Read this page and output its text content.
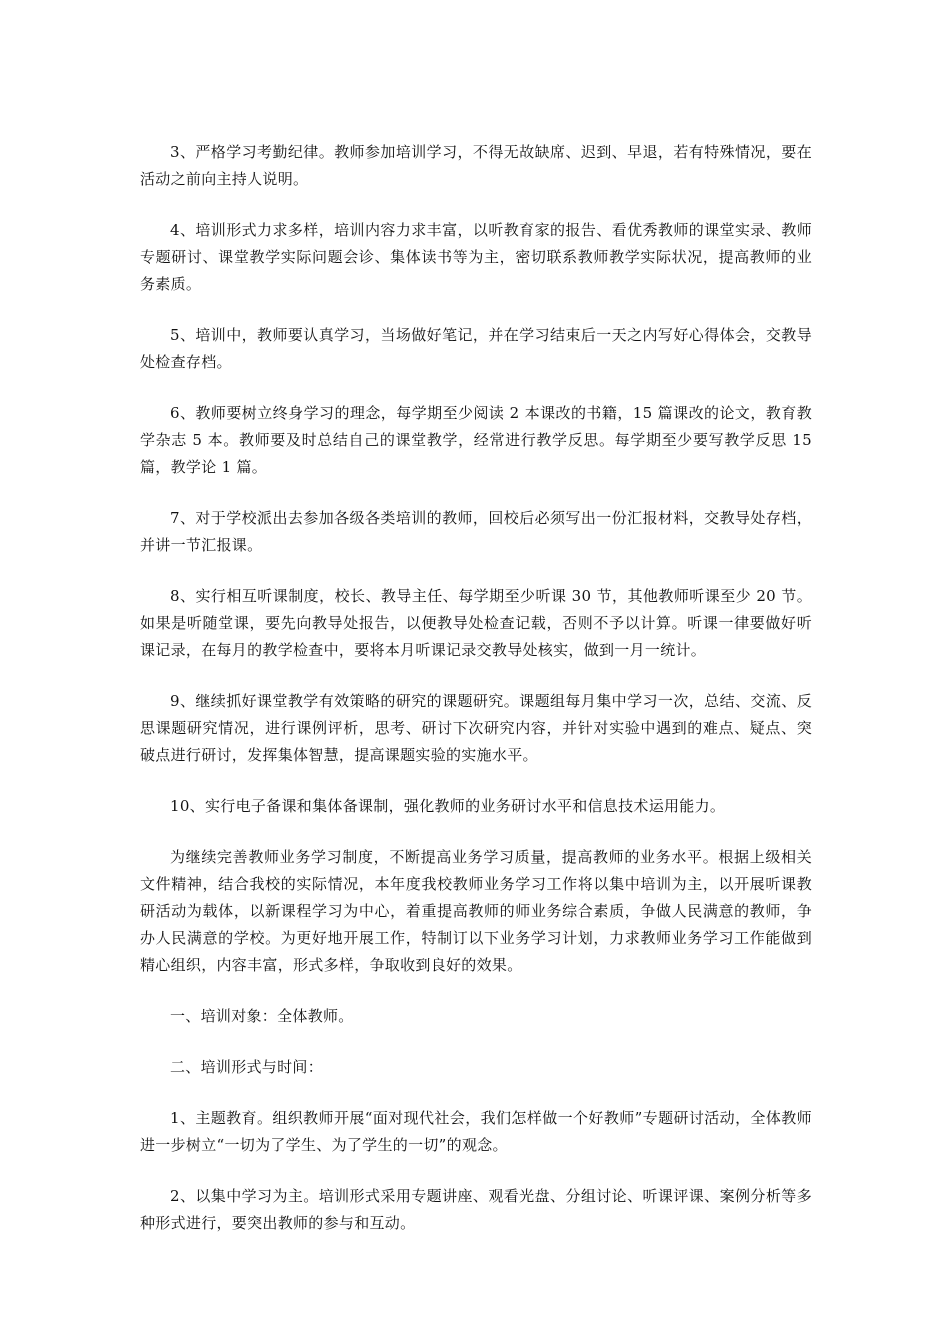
3、严格学习考勤纪律。教师参加培训学习，不得无故缺席、迟到、早退，若有特殊情况，要在活动之前向主持人说明。

4、培训形式力求多样，培训内容力求丰富，以听教育家的报告、看优秀教师的课堂实录、教师专题研讨、课堂教学实际问题会诊、集体读书等为主，密切联系教师教学实际状况，提高教师的业务素质。

5、培训中，教师要认真学习，当场做好笔记，并在学习结束后一天之内写好心得体会，交教导处检查存档。

6、教师要树立终身学习的理念，每学期至少阅读 2 本课改的书籍，15 篇课改的论文，教育教学杂志 5 本。教师要及时总结自己的课堂教学，经常进行教学反思。每学期至少要写教学反思 15 篇，教学论 1 篇。

7、对于学校派出去参加各级各类培训的教师，回校后必须写出一份汇报材料，交教导处存档，并讲一节汇报课。

8、实行相互听课制度，校长、教导主任、每学期至少听课 30 节，其他教师听课至少 20 节。如果是听随堂课，要先向教导处报告，以便教导处检查记载，否则不予以计算。听课一律要做好听课记录，在每月的教学检查中，要将本月听课记录交教导处核实，做到一月一统计。

9、继续抓好课堂教学有效策略的研究的课题研究。课题组每月集中学习一次，总结、交流、反思课题研究情况，进行课例评析，思考、研讨下次研究内容，并针对实验中遇到的难点、疑点、突破点进行研讨，发挥集体智慧，提高课题实验的实施水平。

10、实行电子备课和集体备课制，强化教师的业务研讨水平和信息技术运用能力。

为继续完善教师业务学习制度，不断提高业务学习质量，提高教师的业务水平。根据上级相关文件精神，结合我校的实际情况，本年度我校教师业务学习工作将以集中培训为主，以开展听课教研活动为载体，以新课程学习为中心，着重提高教师的师业务综合素质，争做人民满意的教师，争办人民满意的学校。为更好地开展工作，特制订以下业务学习计划，力求教师业务学习工作能做到精心组织，内容丰富，形式多样，争取收到良好的效果。

一、培训对象：全体教师。

二、培训形式与时间：

1、主题教育。组织教师开展“面对现代社会，我们怎样做一个好教师”专题研讨活动，全体教师进一步树立“一切为了学生、为了学生的一切”的观念。

2、以集中学习为主。培训形式采用专题讲座、观看光盘、分组讨论、听课评课、案例分析等多种形式进行，要突出教师的参与和互动。
